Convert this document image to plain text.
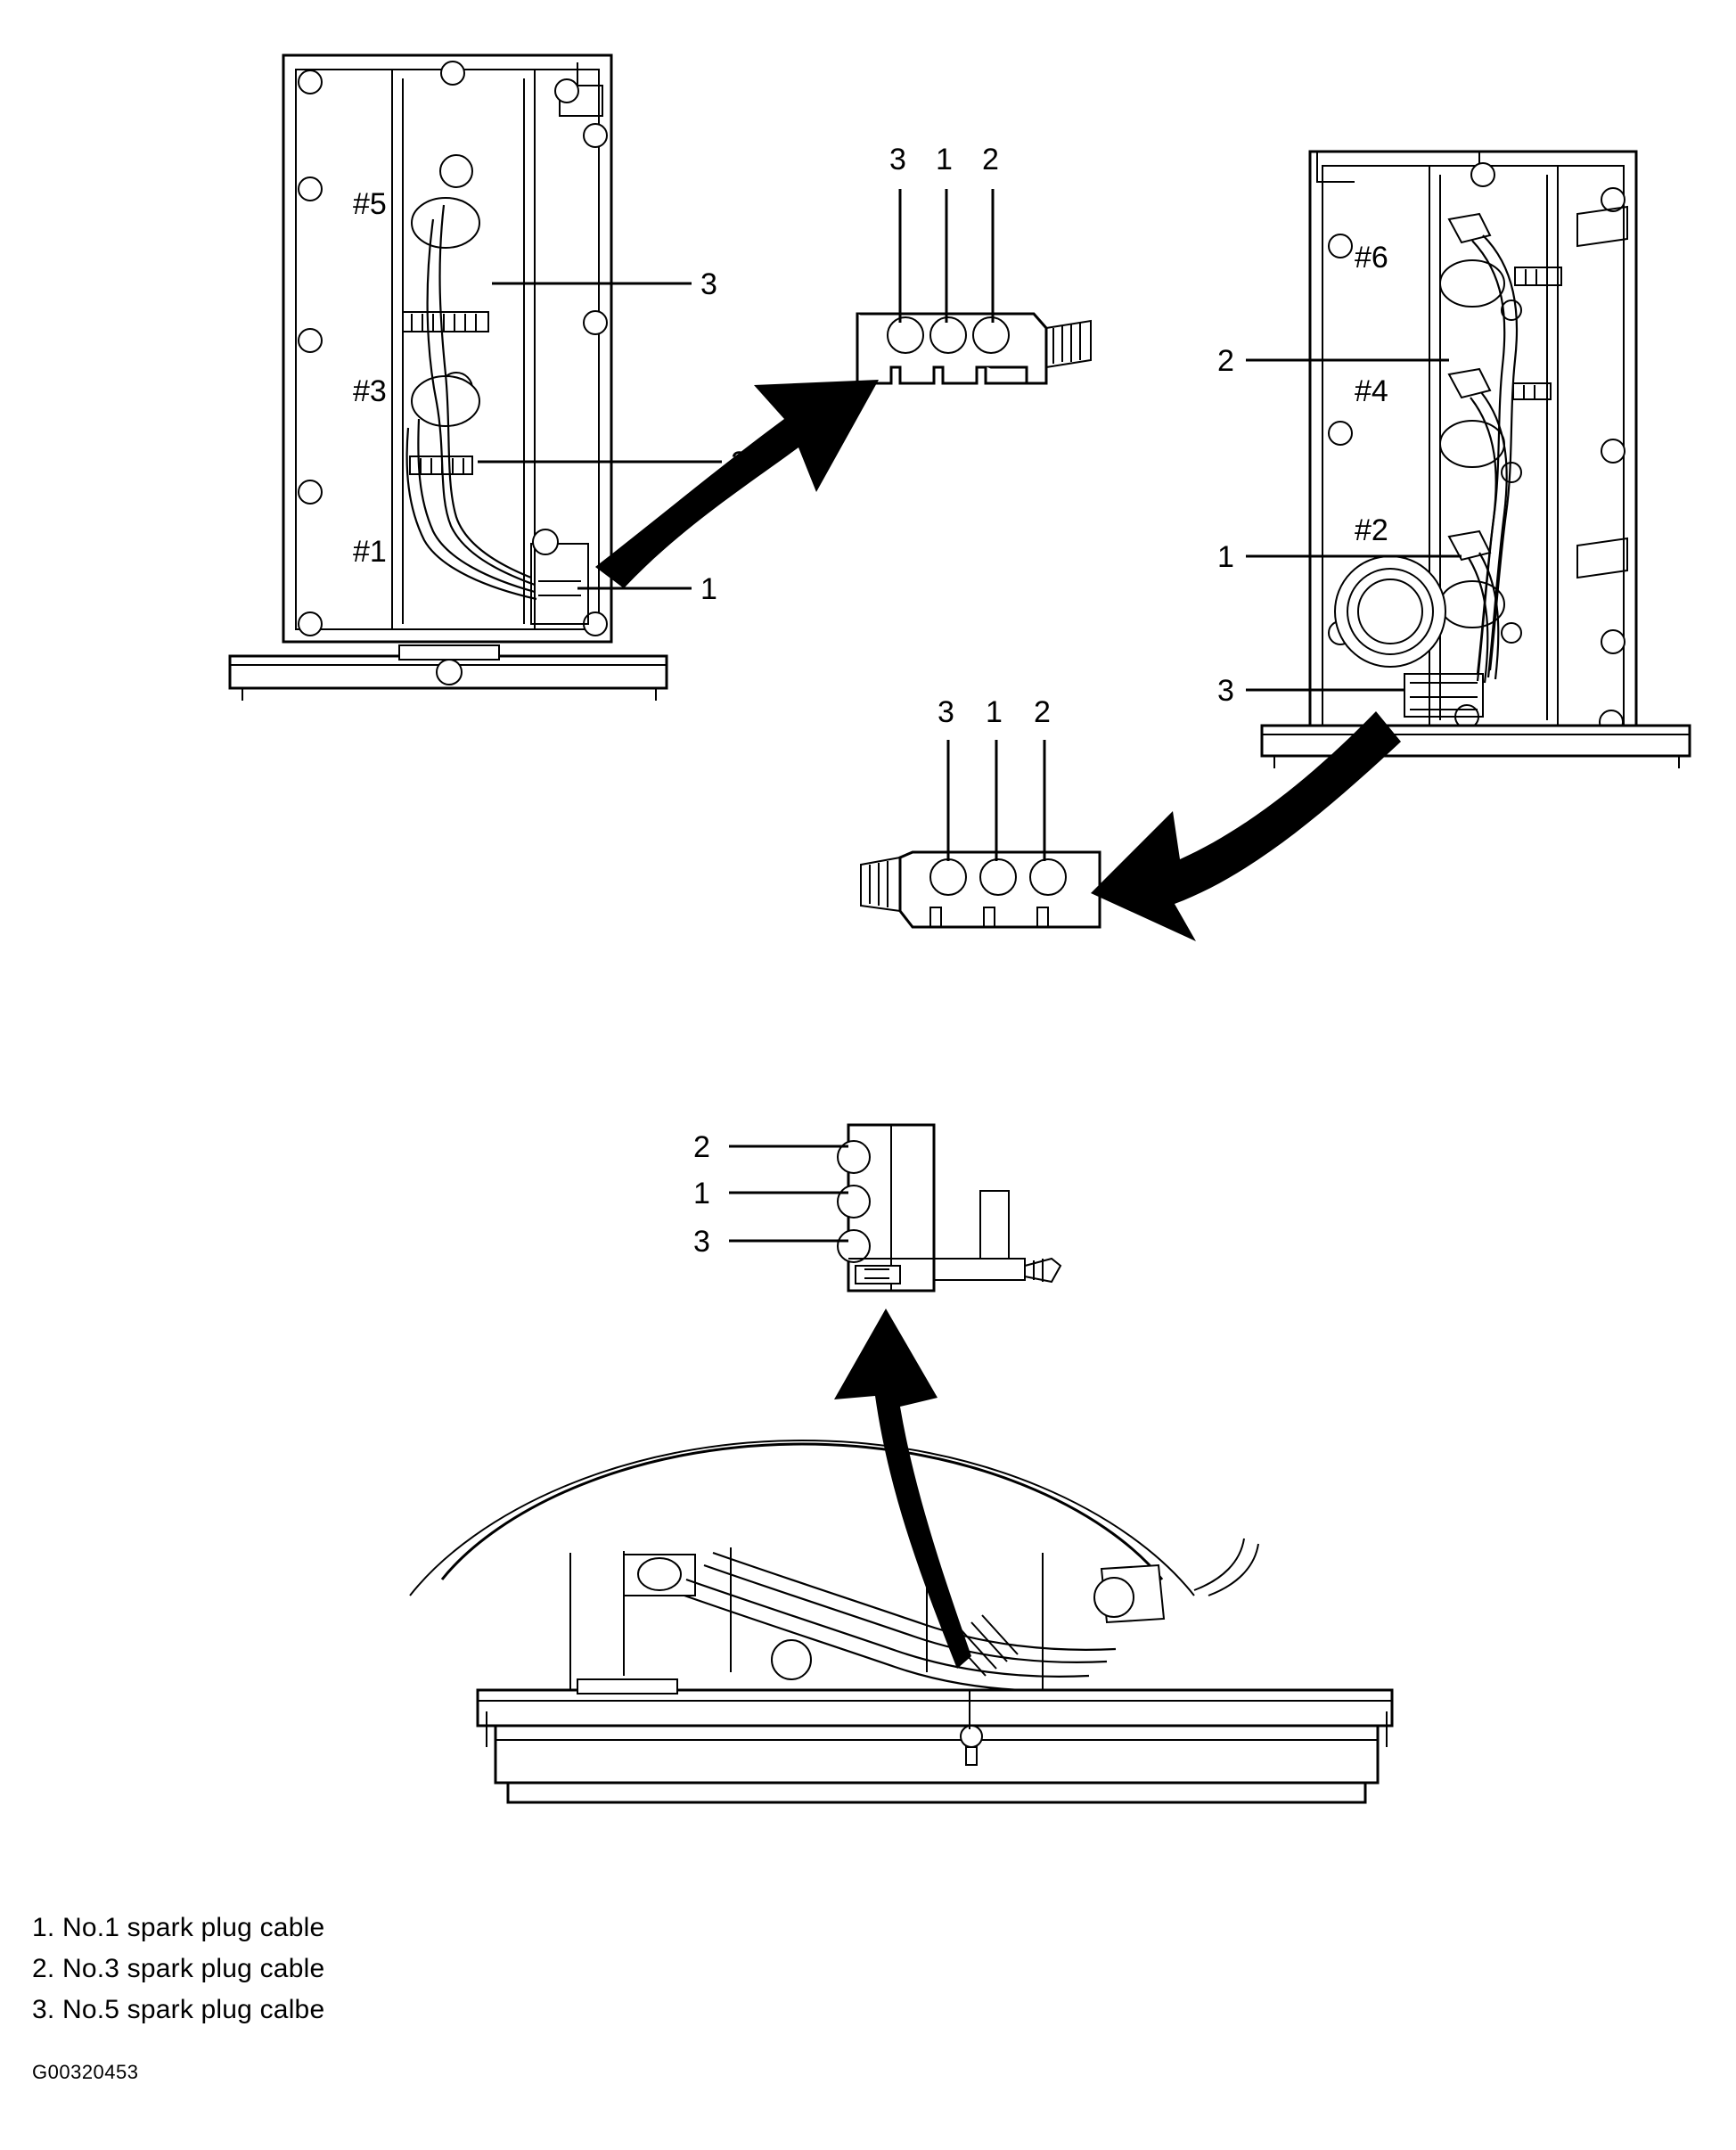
#5
#3
#1
3
1
3 1 2
#6
#4
#2
2
1
3
3 1 2
2
1
3
1. No.1 spark plug cable
2. No.3 spark plug cable
3. No.5 spark plug calbe
G00320453
